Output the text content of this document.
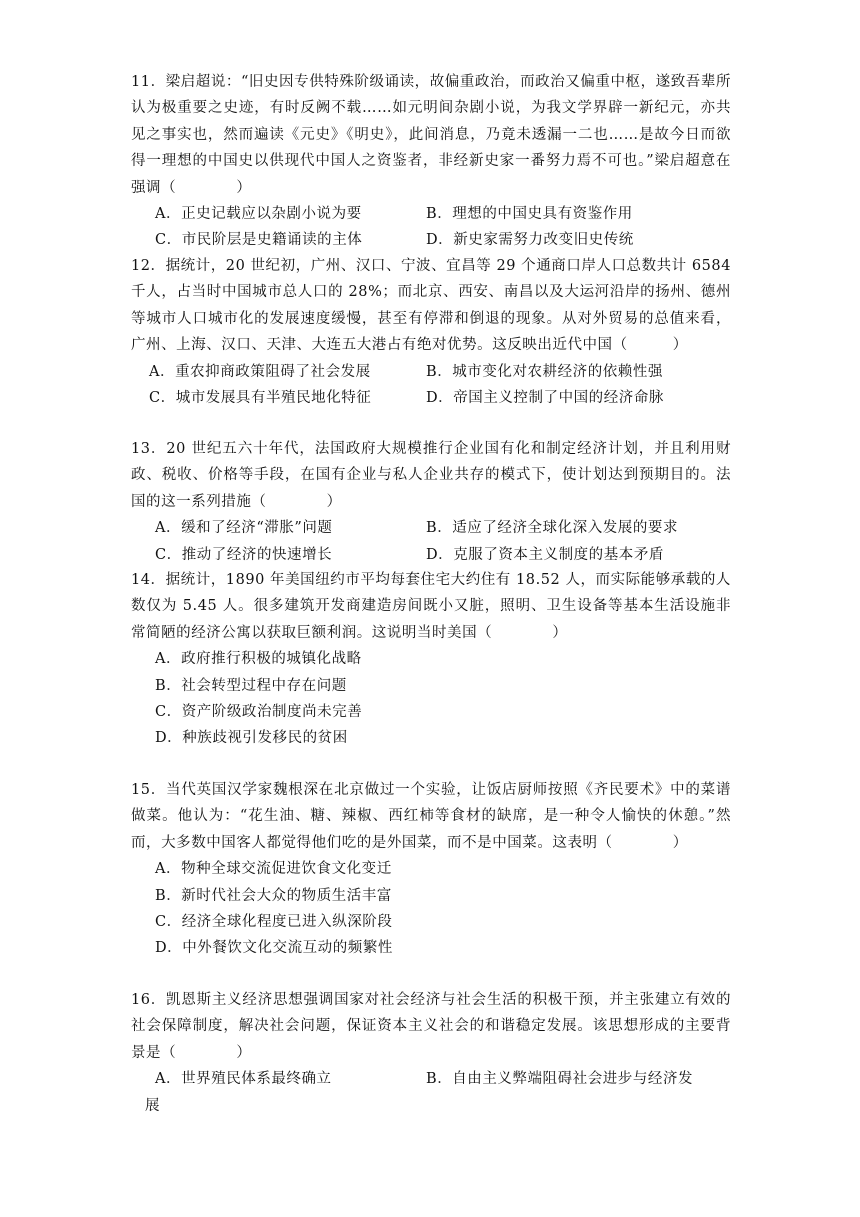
11．梁启超说：“旧史因专供特殊阶级诵读，故偏重政治，而政治又偏重中枢，遂致吾辈所认为极重要之史迹，有时反阙不载……如元明间杂剧小说，为我文学界辟一新纪元，亦共见之事实也，然而遍读《元史》《明史》，此间消息，乃竟未透漏一二也……是故今日而欲得一理想的中国史以供现代中国人之资鉴者，非经新史家一番努力焉不可也。”梁启超意在强调（　　　　）

A．正史记载应以杂剧小说为要	B．理想的中国史具有资鉴作用
C．市民阶层是史籍诵读的主体	D．新史家需努力改变旧史传统

12．据统计，20 世纪初，广州、汉口、宁波、宜昌等 29 个通商口岸人口总数共计 6584 千人，占当时中国城市总人口的 28%；而北京、西安、南昌以及大运河沿岸的扬州、德州等城市人口城市化的发展速度缓慢，甚至有停滞和倒退的现象。从对外贸易的总值来看，广州、上海、汉口、天津、大连五大港占有绝对优势。这反映出近代中国（　　　）

A．重农抑商政策阻碍了社会发展	B．城市变化对农耕经济的依赖性强
C．城市发展具有半殖民地化特征	D．帝国主义控制了中国的经济命脉

13．20 世纪五六十年代，法国政府大规模推行企业国有化和制定经济计划，并且利用财政、税收、价格等手段，在国有企业与私人企业共存的模式下，使计划达到预期目的。法国的这一系列措施（　　　　）

A．缓和了经济“滞胀”问题	B．适应了经济全球化深入发展的要求
C．推动了经济的快速增长	D．克服了资本主义制度的基本矛盾

14．据统计，1890 年美国纽约市平均每套住宅大约住有 18.52 人，而实际能够承载的人数仅为 5.45 人。很多建筑开发商建造房间既小又脏，照明、卫生设备等基本生活设施非常简陋的经济公寓以获取巨额利润。这说明当时美国（　　　　）

A．政府推行积极的城镇化战略
B．社会转型过程中存在问题
C．资产阶级政治制度尚未完善
D．种族歧视引发移民的贫困

15．当代英国汉学家魏根深在北京做过一个实验，让饭店厨师按照《齐民要术》中的菜谱做菜。他认为：“花生油、糖、辣椒、西红柿等食材的缺席，是一种令人愉快的休憩。”然而，大多数中国客人都觉得他们吃的是外国菜，而不是中国菜。这表明（　　　　）

A．物种全球交流促进饮食文化变迁
B．新时代社会大众的物质生活丰富
C．经济全球化程度已进入纵深阶段
D．中外餐饮文化交流互动的频繁性

16．凯恩斯主义经济思想强调国家对社会经济与社会生活的积极干预，并主张建立有效的社会保障制度，解决社会问题，保证资本主义社会的和谐稳定发展。该思想形成的主要背景是（　　　　）

A．世界殖民体系最终确立	B．自由主义弊端阻碍社会进步与经济发
展
